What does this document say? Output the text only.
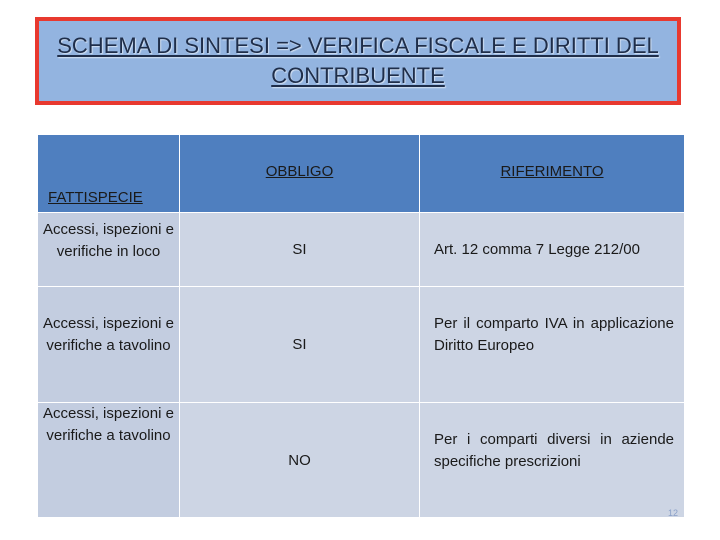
SCHEMA DI SINTESI => VERIFICA FISCALE E DIRITTI DEL CONTRIBUENTE
FATTISPECIE	OBBLIGO	RIFERIMENTO

Accessi, ispezioni e verifiche in loco	SI	Art. 12 comma 7 Legge 212/00
Accessi, ispezioni e verifiche a tavolino	SI	Per il comparto IVA in applicazione Diritto Europeo
Accessi, ispezioni e verifiche a tavolino	NO	Per i comparti diversi in aziende specifiche prescrizioni
12
